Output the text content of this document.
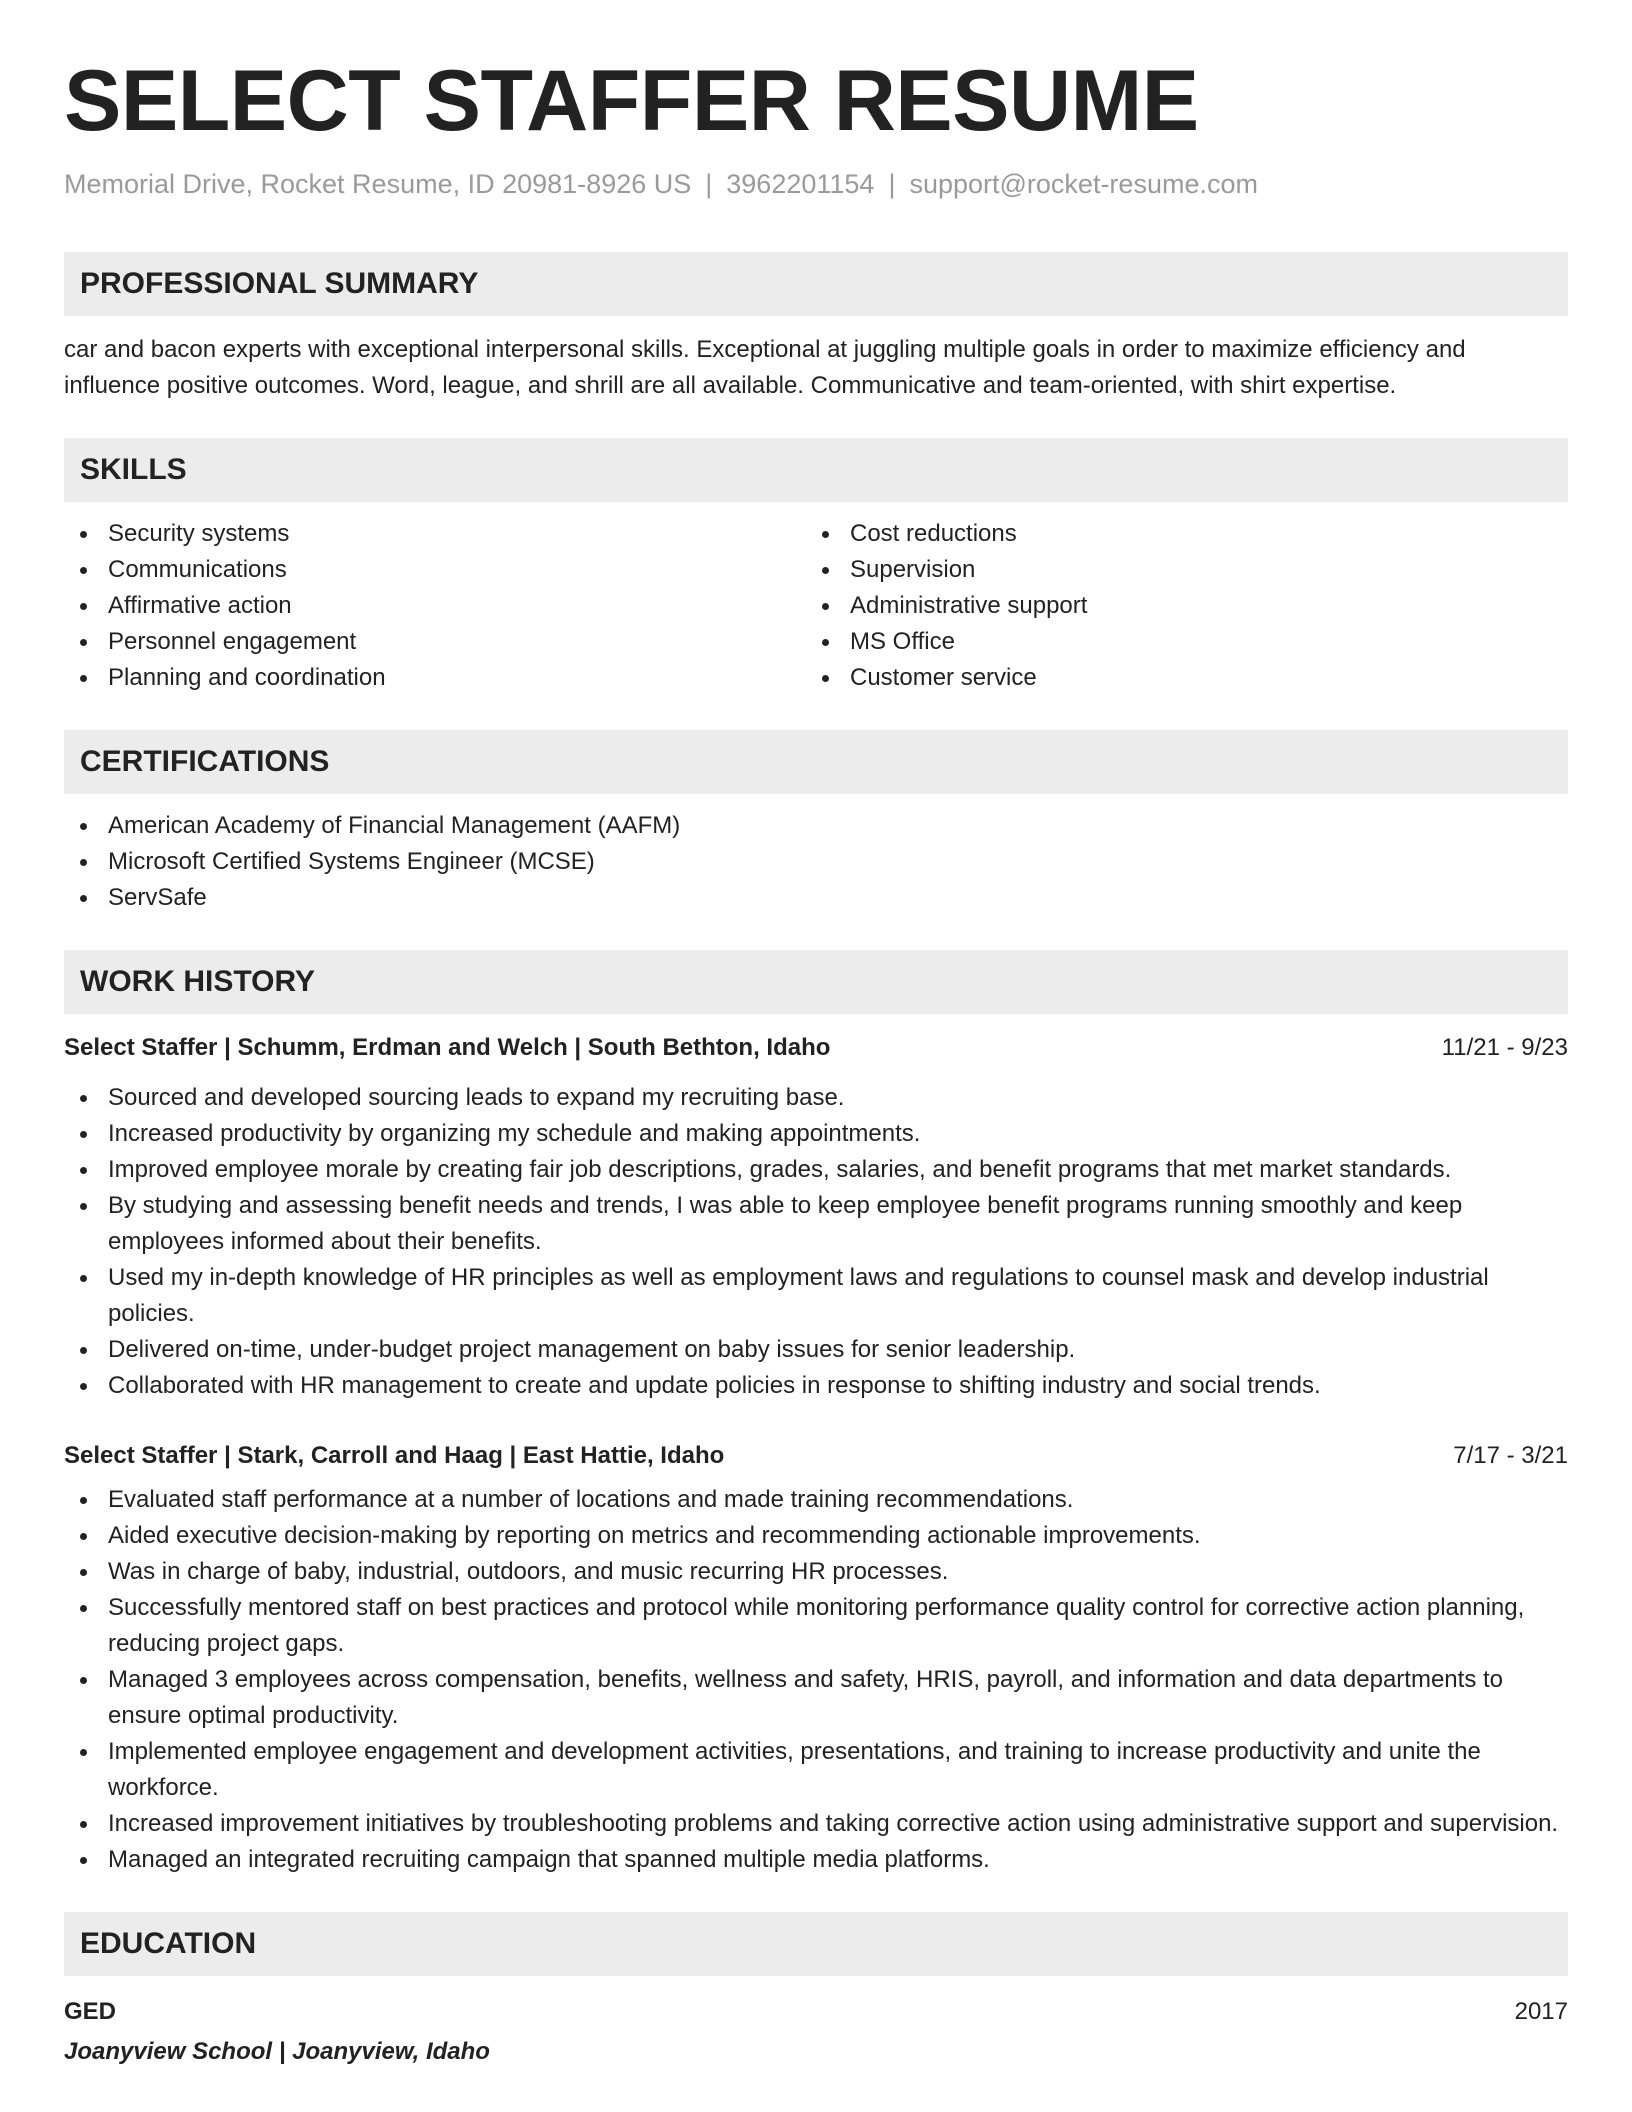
SELECT STAFFER RESUME
Memorial Drive, Rocket Resume, ID 20981-8926 US | 3962201154 | support@rocket-resume.com
PROFESSIONAL SUMMARY

car and bacon experts with exceptional interpersonal skills. Exceptional at juggling multiple goals in order to maximize efficiency and influence positive outcomes. Word, league, and shrill are all available. Communicative and team-oriented, with shirt expertise.

SKILLS
Security systems
Communications
Affirmative action
Personnel engagement
Planning and coordination
Cost reductions
Supervision
Administrative support
MS Office
Customer service
CERTIFICATIONS
American Academy of Financial Management (AAFM)
Microsoft Certified Systems Engineer (MCSE)
ServSafe
WORK HISTORY
Select Staffer | Schumm, Erdman and Welch | South Bethton, Idaho	11/21 - 9/23
Sourced and developed sourcing leads to expand my recruiting base.
Increased productivity by organizing my schedule and making appointments.
Improved employee morale by creating fair job descriptions, grades, salaries, and benefit programs that met market standards.
By studying and assessing benefit needs and trends, I was able to keep employee benefit programs running smoothly and keep employees informed about their benefits.
Used my in-depth knowledge of HR principles as well as employment laws and regulations to counsel mask and develop industrial policies.
Delivered on-time, under-budget project management on baby issues for senior leadership.
Collaborated with HR management to create and update policies in response to shifting industry and social trends.
Select Staffer | Stark, Carroll and Haag | East Hattie, Idaho	7/17 - 3/21
Evaluated staff performance at a number of locations and made training recommendations.
Aided executive decision-making by reporting on metrics and recommending actionable improvements.
Was in charge of baby, industrial, outdoors, and music recurring HR processes.
Successfully mentored staff on best practices and protocol while monitoring performance quality control for corrective action planning, reducing project gaps.
Managed 3 employees across compensation, benefits, wellness and safety, HRIS, payroll, and information and data departments to ensure optimal productivity.
Implemented employee engagement and development activities, presentations, and training to increase productivity and unite the workforce.
Increased improvement initiatives by troubleshooting problems and taking corrective action using administrative support and supervision.
Managed an integrated recruiting campaign that spanned multiple media platforms.
EDUCATION
GED	2017
Joanyview School | Joanyview, Idaho
